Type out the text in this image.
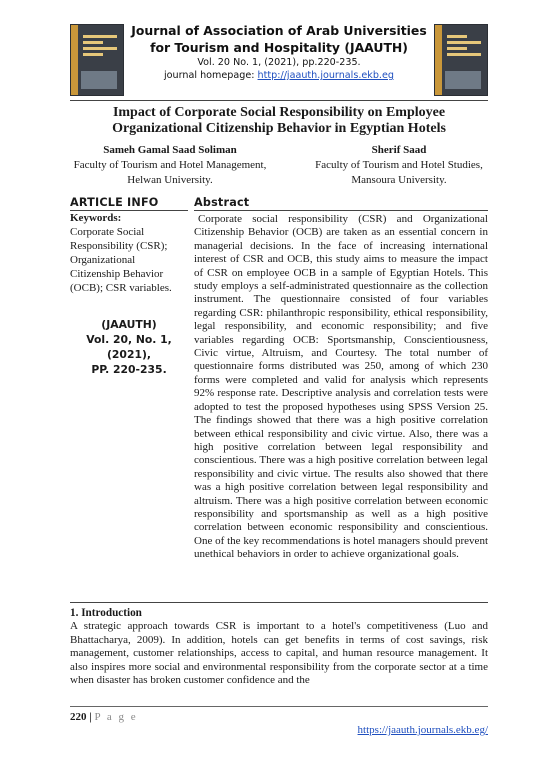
Journal of Association of Arab Universities
for Tourism and Hospitality (JAAUTH)
Vol. 20 No. 1, (2021), pp.220-235.
journal homepage: http://jaauth.journals.ekb.eg
Impact of Corporate Social Responsibility on Employee
Organizational Citizenship Behavior in Egyptian Hotels
Sameh Gamal Saad Soliman
Faculty of Tourism and Hotel Management,
Helwan University.
Sherif Saad
Faculty of Tourism and Hotel Studies,
Mansoura University.
ARTICLE INFO
Keywords:
Corporate Social Responsibility (CSR); Organizational Citizenship Behavior (OCB); CSR variables.
(JAAUTH)
Vol. 20, No. 1,
(2021),
PP. 220-235.
Abstract

Corporate social responsibility (CSR) and Organizational Citizenship Behavior (OCB) are taken as an essential concern in managerial decisions. In the face of increasing international interest of CSR and OCB, this study aims to measure the impact of CSR on employee OCB in a sample of Egyptian Hotels. This study employs a self-administrated questionnaire as the collection instrument. The questionnaire consisted of four variables regarding CSR: philanthropic responsibility, ethical responsibility, legal responsibility, and economic responsibility; and five variables regarding OCB: Sportsmanship, Conscientiousness, Civic virtue, Altruism, and Courtesy. The total number of questionnaire forms distributed was 250, among of which 230 forms were completed and valid for analysis which represents 92% response rate. Descriptive analysis and correlation tests were adopted to test the proposed hypotheses using SPSS Version 25. The findings showed that there was a high positive correlation between ethical responsibility and civic virtue. Also, there was a high positive correlation between legal responsibility and conscientious. There was a high positive correlation between legal responsibility and civic virtue. The results also showed that there was a high positive correlation between legal responsibility and altruism. There was a high positive correlation between economic responsibility and sportsmanship as well as a high positive correlation between economic responsibility and conscientious. One of the key recommendations is hotel managers should prevent unethical behaviors in order to achieve organizational goals.

1. Introduction

A strategic approach towards CSR is important to a hotel's competitiveness (Luo and Bhattacharya, 2009). In addition, hotels can get benefits in terms of cost savings, risk management, customer relationships, access to capital, and human resource management. It also inspires more social and environmental responsibility from the corporate sector at a time when disaster has broken customer confidence and the

220 | P a g e
https://jaauth.journals.ekb.eg/
